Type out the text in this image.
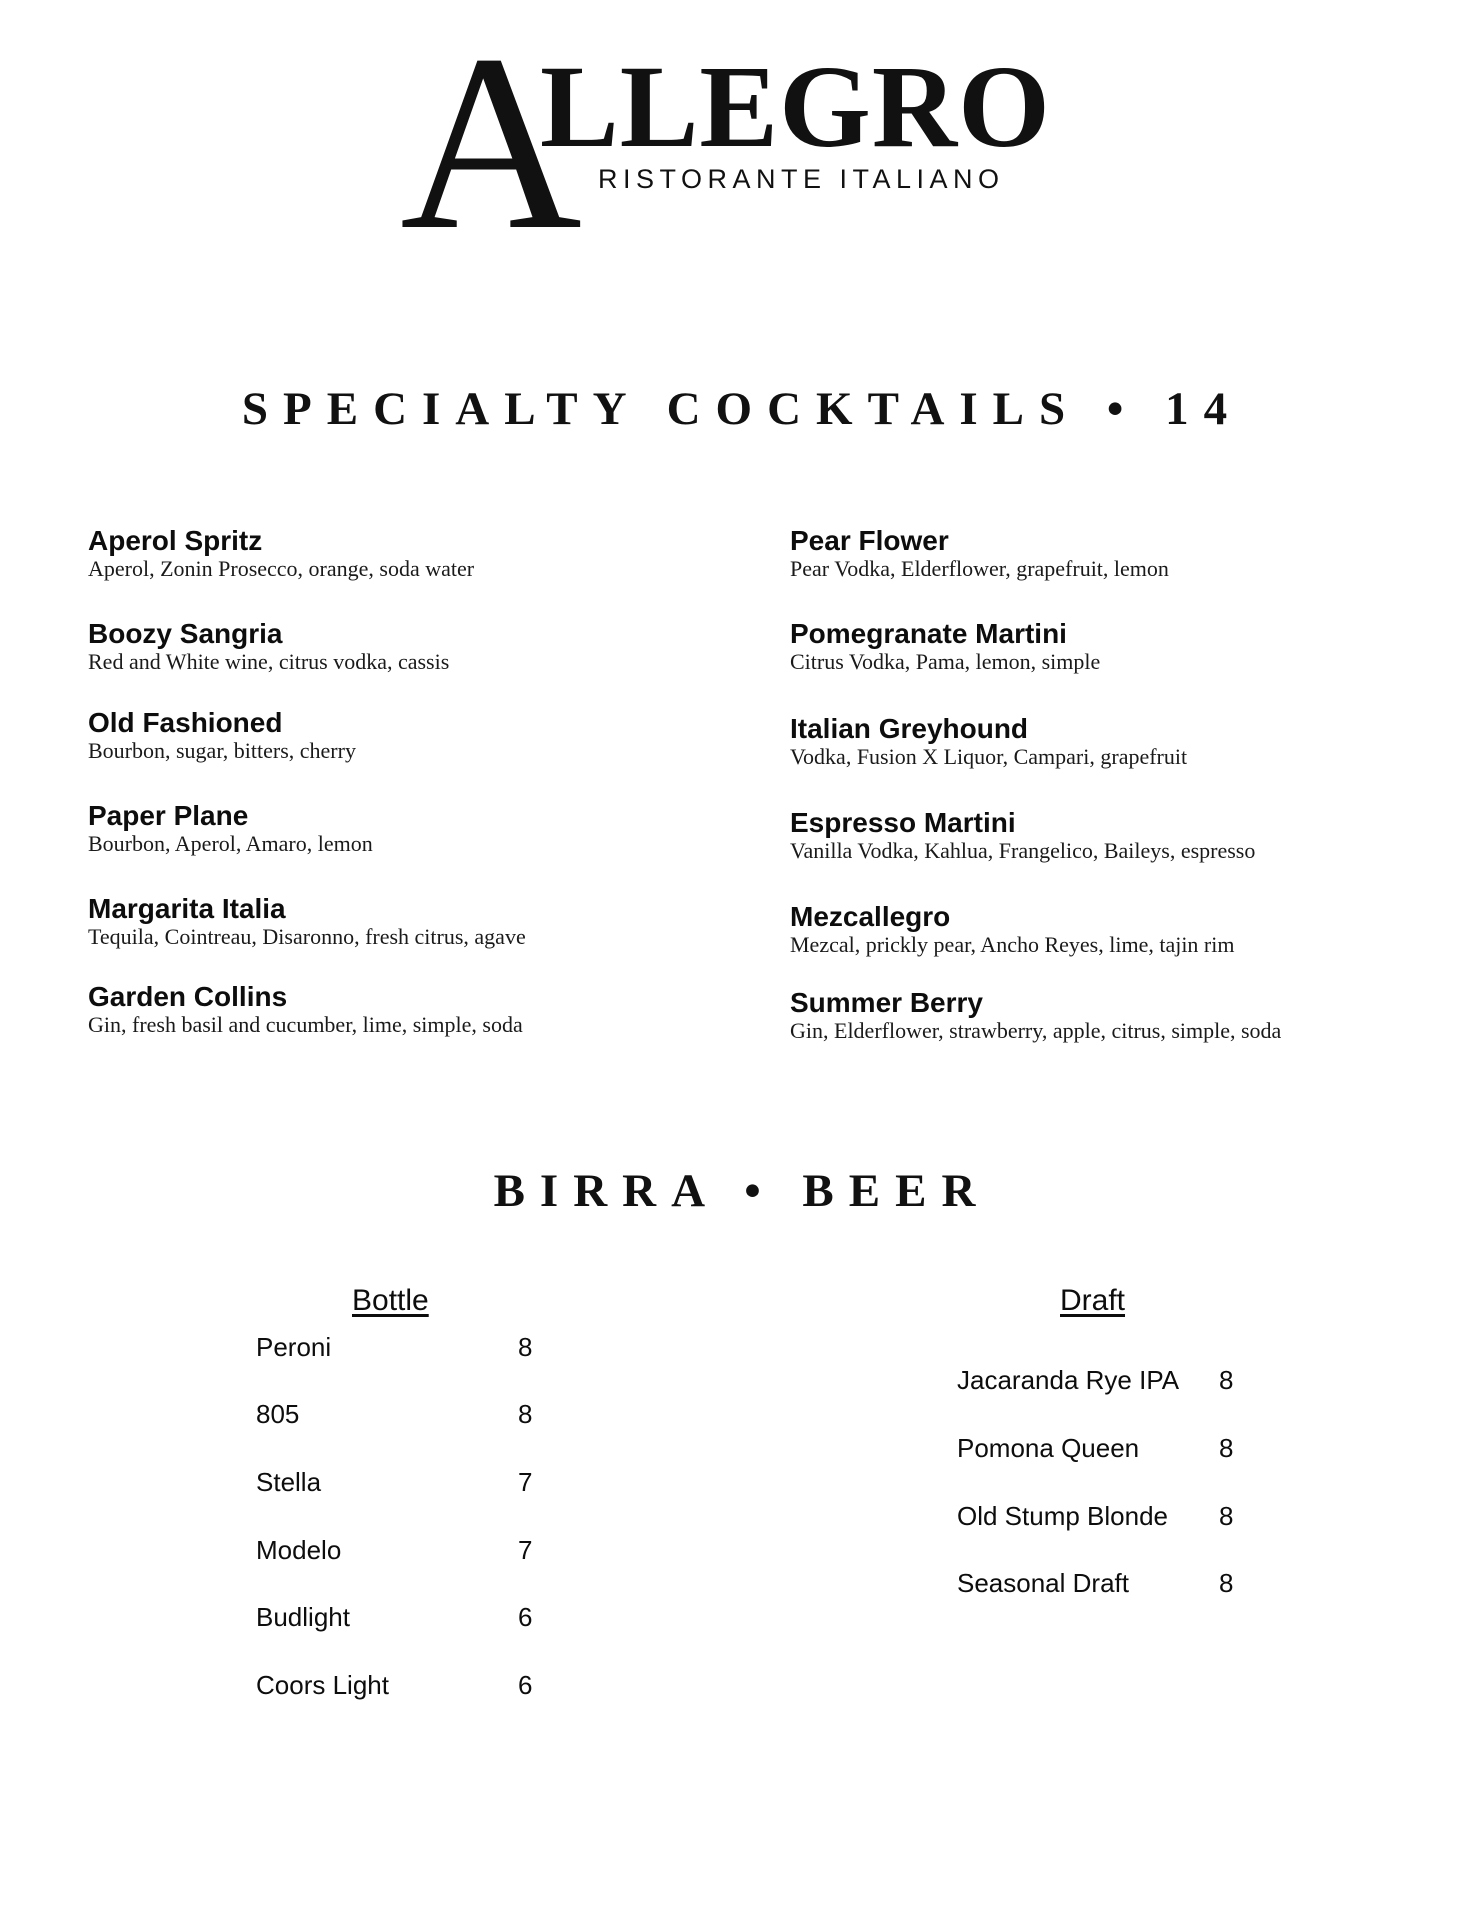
A
LLEGRO
RISTORANTE ITALIANO
SPECIALTY COCKTAILS • 14
Aperol Spritz
Aperol, Zonin Prosecco, orange, soda water
Boozy Sangria
Red and White wine, citrus vodka, cassis
Old Fashioned
Bourbon, sugar, bitters, cherry
Paper Plane
Bourbon, Aperol, Amaro, lemon
Margarita Italia
Tequila, Cointreau, Disaronno, fresh citrus, agave
Garden Collins
Gin, fresh basil and cucumber, lime, simple, soda
Pear Flower
Pear Vodka, Elderflower, grapefruit, lemon
Pomegranate Martini
Citrus Vodka, Pama, lemon, simple
Italian Greyhound
Vodka, Fusion X Liquor, Campari, grapefruit
Espresso Martini
Vanilla Vodka, Kahlua, Frangelico, Baileys, espresso
Mezcallegro
Mezcal, prickly pear, Ancho Reyes, lime, tajin rim
Summer Berry
Gin, Elderflower, strawberry, apple, citrus, simple, soda
BIRRA • BEER
Bottle
Peroni	8
805	8
Stella	7
Modelo	7
Budlight	6
Coors Light	6
Draft
Jacaranda Rye IPA 8
Pomona Queen	8
Old Stump Blonde 8
Seasonal Draft	8
